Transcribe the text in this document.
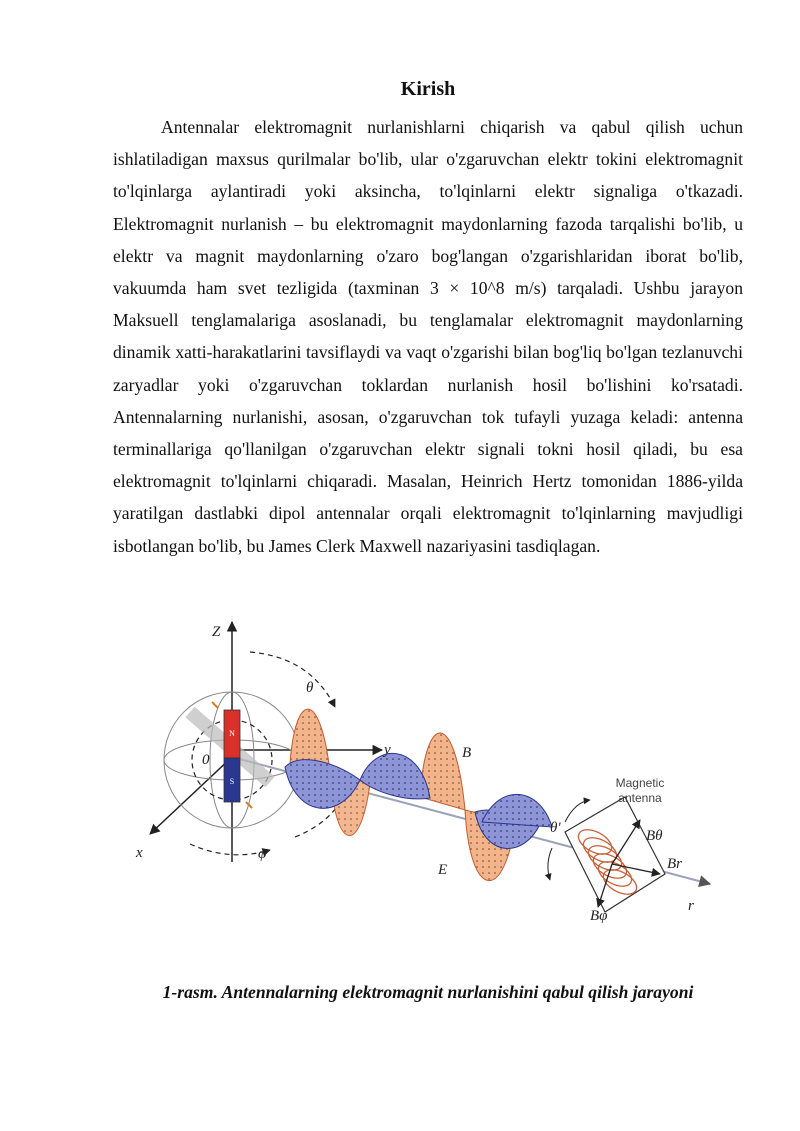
Kirish

Antennalar elektromagnit nurlanishlarni chiqarish va qabul qilish uchun ishlatiladigan maxsus qurilmalar bo'lib, ular o'zgaruvchan elektr tokini elektromagnit to'lqinlarga aylantiradi yoki aksincha, to'lqinlarni elektr signaliga o'tkazadi. Elektromagnit nurlanish – bu elektromagnit maydonlarning fazoda tarqalishi bo'lib, u elektr va magnit maydonlarning o'zaro bog'langan o'zgarishlaridan iborat bo'lib, vakuumda ham svet tezligida (taxminan 3 × 10^8 m/s) tarqaladi. Ushbu jarayon Maksuell tenglamalariga asoslanadi, bu tenglamalar elektromagnit maydonlarning dinamik xatti-harakatlarini tavsiflaydi va vaqt o'zgarishi bilan bog'liq bo'lgan tezlanuvchi zaryadlar yoki o'zgaruvchan toklardan nurlanish hosil bo'lishini ko'rsatadi. Antennalarning nurlanishi, asosan, o'zgaruvchan tok tufayli yuzaga keladi: antenna terminallariga qo'llanilgan o'zgaruvchan elektr signali tokni hosil qiladi, bu esa elektromagnit to'lqinlarni chiqaradi. Masalan, Heinrich Hertz tomonidan 1886-yilda yaratilgan dastlabki dipol antennalar orqali elektromagnit to'lqinlarning mavjudligi isbotlangan bo'lib, bu James Clerk Maxwell nazariyasini tasdiqlagan.

N
S
Z
y
x
θ
φ
0	B
E
θ'
Magnetic
antenna
Bθ
Br
Bφ
r

1-rasm. Antennalarning elektromagnit nurlanishini qabul qilish jarayoni
